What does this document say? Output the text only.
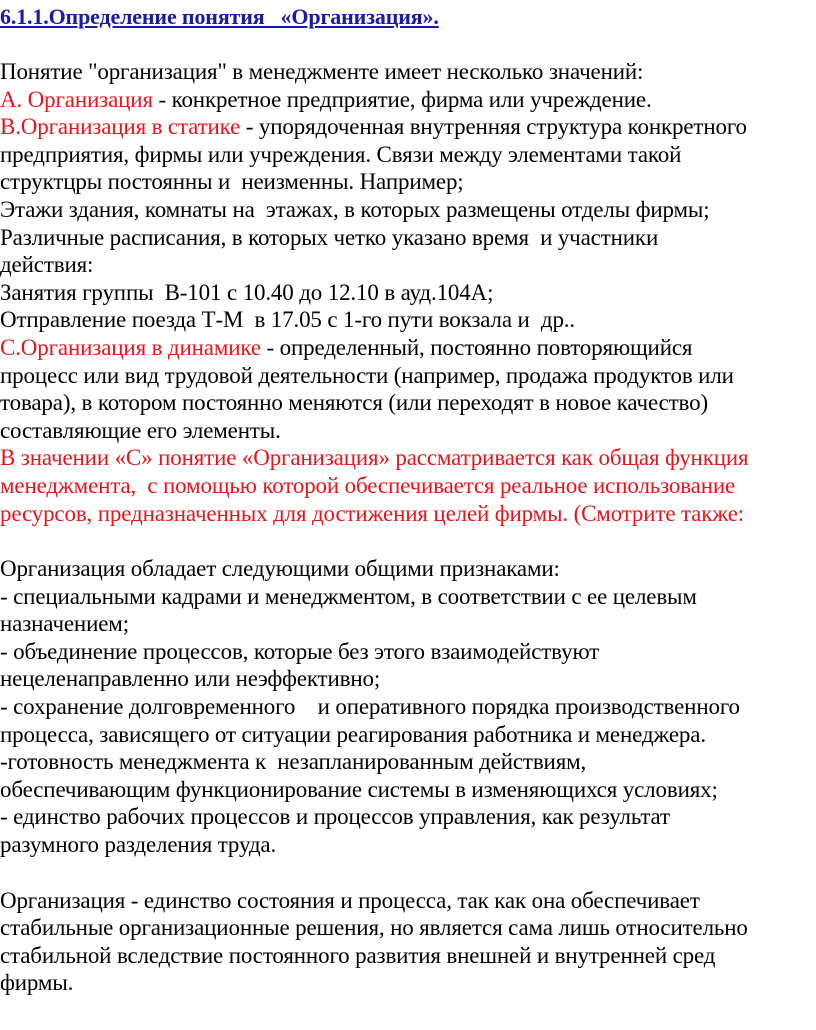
6.1.1.Определение понятия   «Организация».
Понятие "организация" в менеджменте имеет несколько значений:
А. Организация - конкретное предприятие, фирма или учреждение.
В.Организация в статике - упорядоченная внутренняя структура конкретного
предприятия, фирмы или учреждения. Связи между элементами такой
структцры постоянны и  неизменны. Например;
Этажи здания, комнаты на  этажах, в которых размещены отделы фирмы;
Различные расписания, в которых четко указано время  и участники
действия:
Занятия группы  В-101 с 10.40 до 12.10 в ауд.104А;
Отправление поезда Т-М  в 17.05 с 1-го пути вокзала и  др..
С.Организация в динамике - определенный, постоянно повторяющийся
процесс или вид трудовой деятельности (например, продажа продуктов или
товара), в котором постоянно меняются (или переходят в новое качество)
составляющие его элементы.
В значении «С» понятие «Организация» рассматривается как общая функция
менеджмента,  с помощью которой обеспечивается реальное использование
ресурсов, предназначенных для достижения целей фирмы. (Смотрите также:
Организация обладает следующими общими признаками:
- специальными кадрами и менеджментом, в соответствии с ее целевым
назначением;
- объединение процессов, которые без этого взаимодействуют
нецеленаправленно или неэффективно;
- сохранение долговременного    и оперативного порядка производственного
процесса, зависящего от ситуации реагирования работника и менеджера.
-готовность менеджмента к  незапланированным действиям,
обеспечивающим функционирование системы в изменяющихся условиях;
- единство рабочих процессов и процессов управления, как результат
разумного разделения труда.
Организация - единство состояния и процесса, так как она обеспечивает
стабильные организационные решения, но является сама лишь относительно
стабильной вследствие постоянного развития внешней и внутренней сред
фирмы.
